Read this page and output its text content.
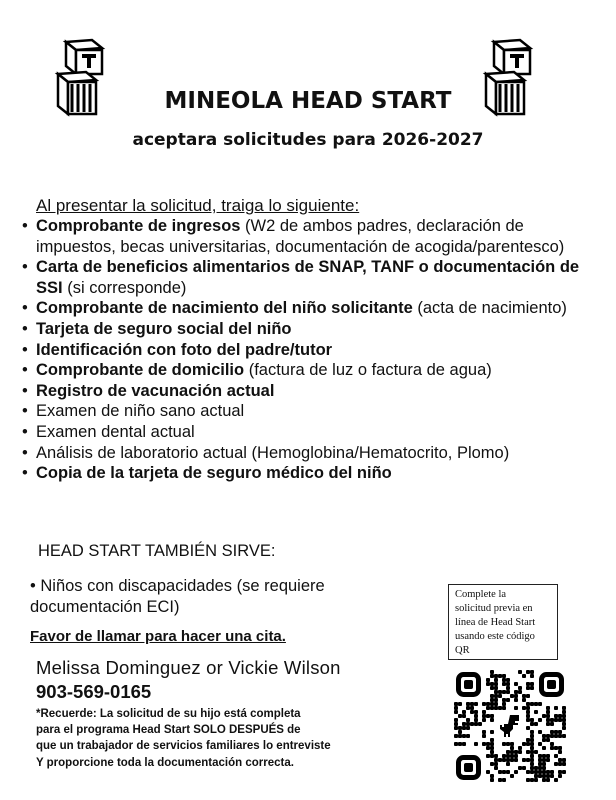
MINEOLA HEAD START
aceptara solicitudes para 2026-2027
Al presentar la solicitud, traiga lo siguiente:
• Comprobante de ingresos (W2 de ambos padres, declaración de impuestos, becas universitarias, documentación de acogida/parentesco)
• Carta de beneficios alimentarios de SNAP, TANF o documentación de SSI (si corresponde)
• Comprobante de nacimiento del niño solicitante (acta de nacimiento)
• Tarjeta de seguro social del niño
• Identificación con foto del padre/tutor
• Comprobante de domicilio (factura de luz o factura de agua)
• Registro de vacunación actual
• Examen de niño sano actual
• Examen dental actual
• Análisis de laboratorio actual (Hemoglobina/Hematocrito, Plomo)
• Copia de la tarjeta de seguro médico del niño
HEAD START TAMBIÉN SIRVE:
• Niños con discapacidades (se requiere documentación ECI)
Favor de llamar para hacer una cita.
Melissa Dominguez or Vickie Wilson
903-569-0165
*Recuerde: La solicitud de su hijo está completa
para el programa Head Start SOLO DESPUÉS de
que un trabajador de servicios familiares lo entreviste
Y proporcione toda la documentación correcta.
Complete la
solicitud previa en
línea de Head Start
usando este código
QR
